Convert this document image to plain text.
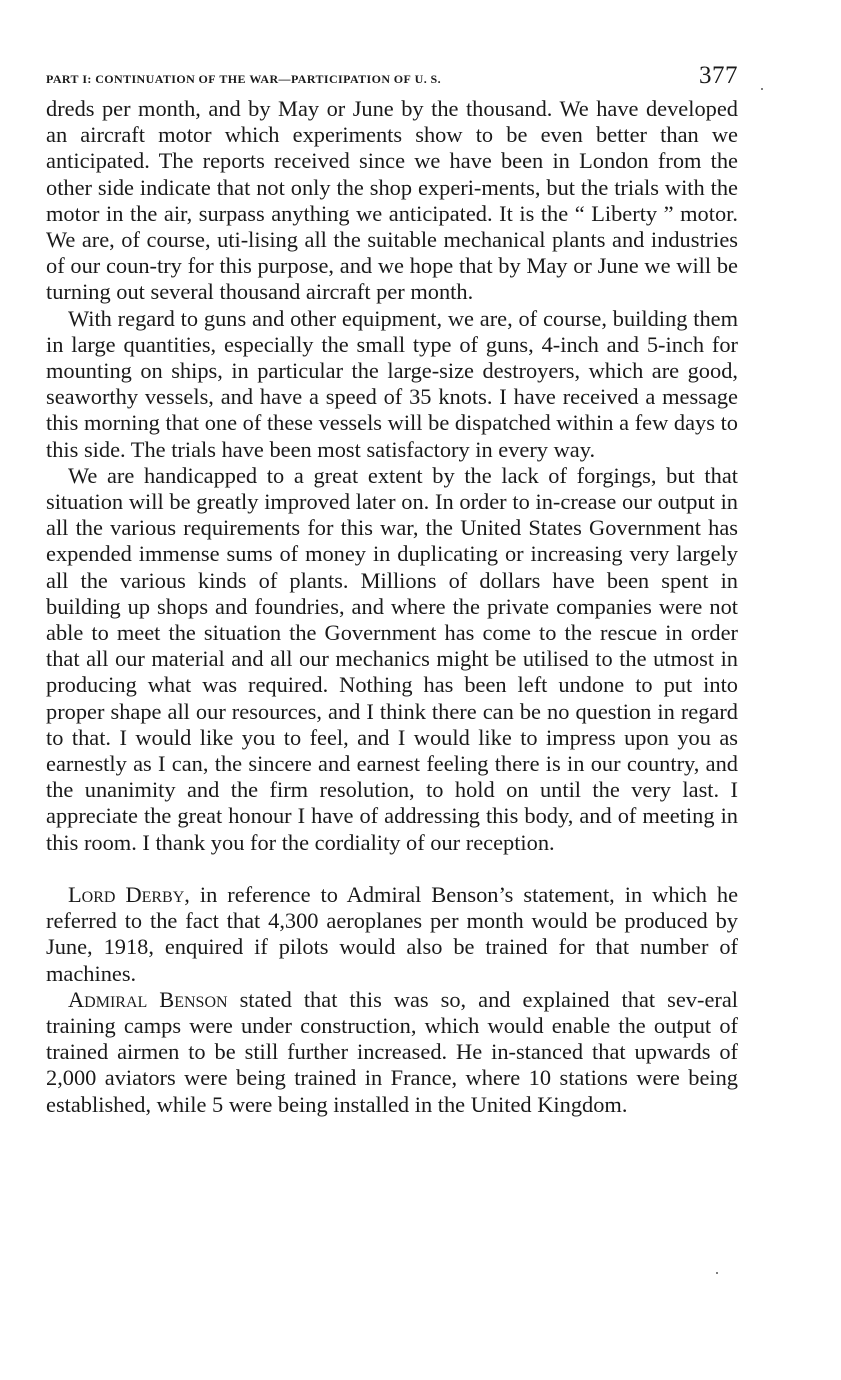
part i: continuation of the war—participation of u. s.	377

dreds per month, and by May or June by the thousand. We have developed an aircraft motor which experiments show to be even better than we anticipated. The reports received since we have been in London from the other side indicate that not only the shop experi-ments, but the trials with the motor in the air, surpass anything we anticipated. It is the “ Liberty ” motor. We are, of course, uti-lising all the suitable mechanical plants and industries of our coun-try for this purpose, and we hope that by May or June we will be turning out several thousand aircraft per month.

With regard to guns and other equipment, we are, of course, building them in large quantities, especially the small type of guns, 4-inch and 5-inch for mounting on ships, in particular the large-size destroyers, which are good, seaworthy vessels, and have a speed of 35 knots. I have received a message this morning that one of these vessels will be dispatched within a few days to this side. The trials have been most satisfactory in every way.

We are handicapped to a great extent by the lack of forgings, but that situation will be greatly improved later on. In order to in-crease our output in all the various requirements for this war, the United States Government has expended immense sums of money in duplicating or increasing very largely all the various kinds of plants. Millions of dollars have been spent in building up shops and foundries, and where the private companies were not able to meet the situation the Government has come to the rescue in order that all our material and all our mechanics might be utilised to the utmost in producing what was required. Nothing has been left undone to put into proper shape all our resources, and I think there can be no question in regard to that. I would like you to feel, and I would like to impress upon you as earnestly as I can, the sincere and earnest feeling there is in our country, and the unanimity and the firm resolution, to hold on until the very last. I appreciate the great honour I have of addressing this body, and of meeting in this room. I thank you for the cordiality of our reception.

Lord Derby, in reference to Admiral Benson’s statement, in which he referred to the fact that 4,300 aeroplanes per month would be produced by June, 1918, enquired if pilots would also be trained for that number of machines.

Admiral Benson stated that this was so, and explained that sev-eral training camps were under construction, which would enable the output of trained airmen to be still further increased. He in-stanced that upwards of 2,000 aviators were being trained in France, where 10 stations were being established, while 5 were being installed in the United Kingdom.
